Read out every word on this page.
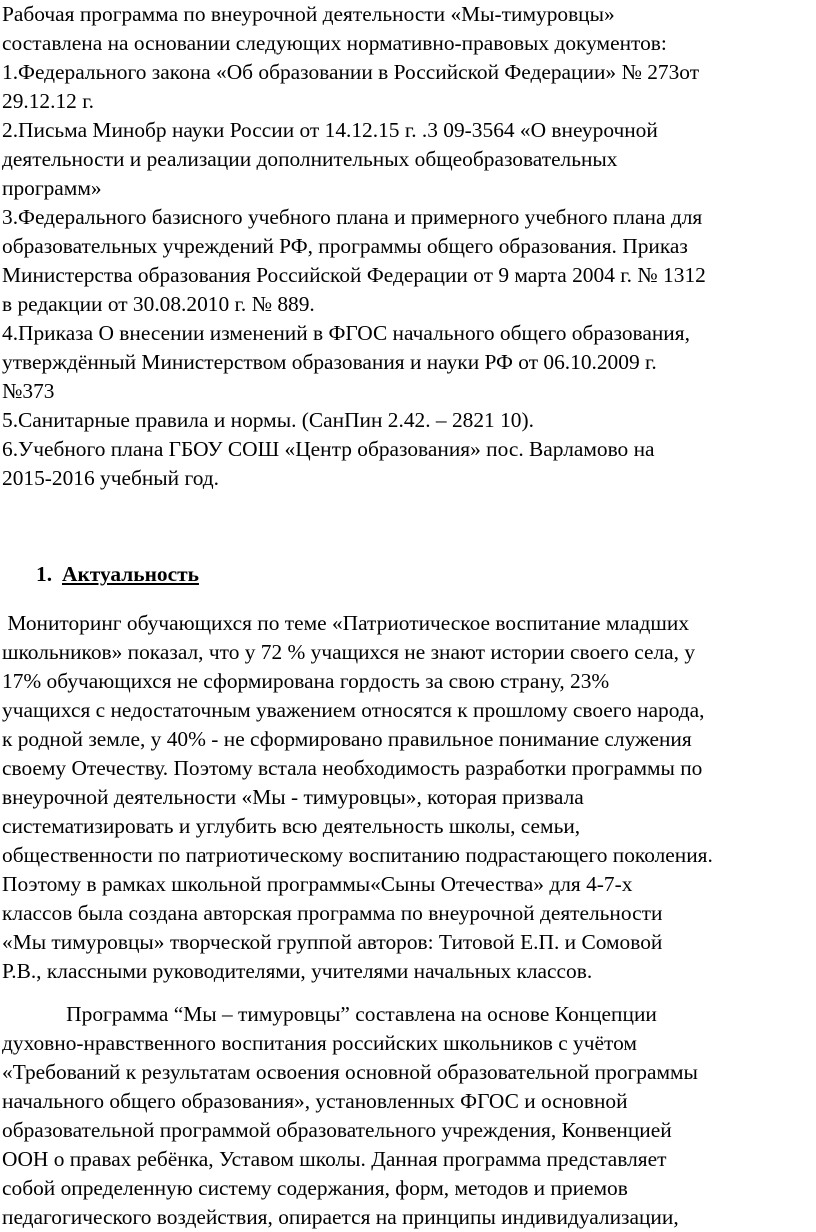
Рабочая программа по внеурочной деятельности «Мы-тимуровцы»
составлена на основании следующих нормативно-правовых документов:
1.Федерального закона «Об образовании в Российской Федерации» № 273от
29.12.12 г.
2.Письма Минобр науки России от 14.12.15 г. .3 09-3564 «О внеурочной
деятельности и реализации дополнительных общеобразовательных
программ»
3.Федерального базисного учебного плана и примерного учебного плана для
образовательных учреждений РФ, программы общего образования. Приказ
Министерства образования Российской Федерации от 9 марта 2004 г. № 1312
в редакции от 30.08.2010 г. № 889.
4.Приказа О внесении изменений в ФГОС начального общего образования,
утверждённый Министерством образования и науки РФ от 06.10.2009 г.
№373
5.Санитарные правила и нормы. (СанПин 2.42. – 2821 10).
6.Учебного плана ГБОУ СОШ «Центр образования» пос. Варламово на
2015-2016 учебный год.
1. Актуальность
Мониторинг обучающихся по теме «Патриотическое воспитание младших
школьников» показал, что у 72 % учащихся не знают истории своего села, у
17% обучающихся не сформирована гордость за свою страну, 23%
учащихся с недостаточным уважением относятся к прошлому своего народа,
к родной земле, у 40% - не сформировано правильное понимание служения
своему Отечеству. Поэтому встала необходимость разработки программы по
внеурочной деятельности «Мы - тимуровцы», которая призвала
систематизировать и углубить всю деятельность школы, семьи,
общественности по патриотическому воспитанию подрастающего поколения.
Поэтому в рамках школьной программы«Сыны Отечества» для 4-7-х
классов была создана авторская программа по внеурочной деятельности
«Мы тимуровцы» творческой группой авторов: Титовой Е.П. и Сомовой
Р.В., классными руководителями, учителями начальных классов.
Программа “Мы – тимуровцы” составлена на основе Концепции
духовно-нравственного воспитания российских школьников с учётом
«Требований к результатам освоения основной образовательной программы
начального общего образования», установленных ФГОС и основной
образовательной программой образовательного учреждения, Конвенцией
ООН о правах ребёнка, Уставом школы. Данная программа представляет
собой определенную систему содержания, форм, методов и приемов
педагогического воздействия, опирается на принципы индивидуализации,
